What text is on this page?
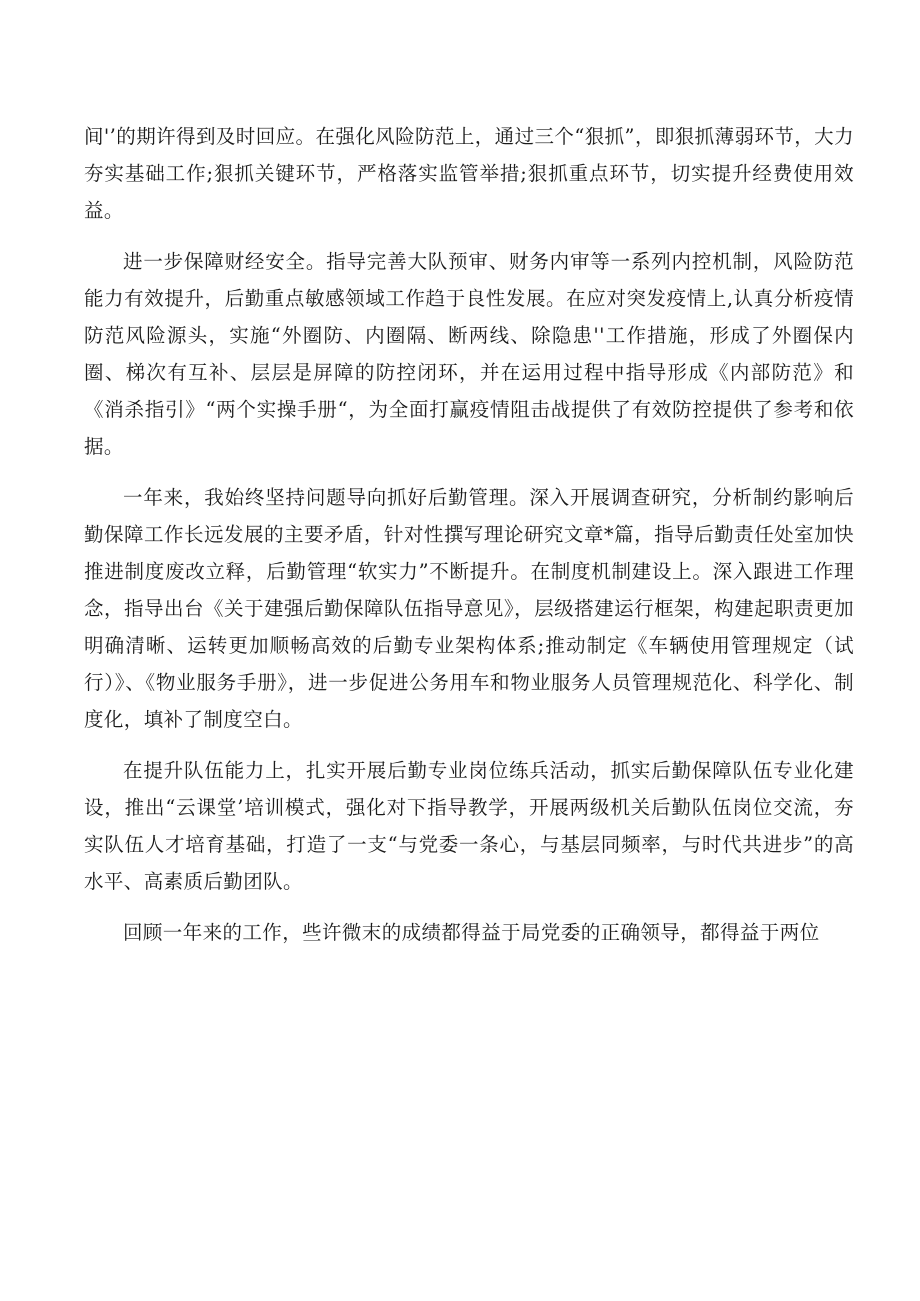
间'’的期许得到及时回应。在强化风险防范上，通过三个“狠抓”，即狠抓薄弱环节，大力夯实基础工作;狠抓关键环节，严格落实监管举措;狠抓重点环节，切实提升经费使用效益。

进一步保障财经安全。指导完善大队预审、财务内审等一系列内控机制，风险防范能力有效提升，后勤重点敏感领域工作趋于良性发展。在应对突发疫情上,认真分析疫情防范风险源头，实施“外圈防、内圈隔、断两线、除隐患''工作措施，形成了外圈保内圈、梯次有互补、层层是屏障的防控闭环，并在运用过程中指导形成《内部防范》和《消杀指引》“两个实操手册“，为全面打赢疫情阻击战提供了有效防控提供了参考和依据。

一年来，我始终坚持问题导向抓好后勤管理。深入开展调查研究，分析制约影响后勤保障工作长远发展的主要矛盾，针对性撰写理论研究文章*篇，指导后勤责任处室加快推进制度废改立释，后勤管理“软实力”不断提升。在制度机制建设上。深入跟进工作理念，指导出台《关于建强后勤保障队伍指导意见》，层级搭建运行框架，构建起职责更加明确清晰、运转更加顺畅高效的后勤专业架构体系;推动制定《车辆使用管理规定（试行）》、《物业服务手册》，进一步促进公务用车和物业服务人员管理规范化、科学化、制度化，填补了制度空白。

在提升队伍能力上，扎实开展后勤专业岗位练兵活动，抓实后勤保障队伍专业化建设，推出“云课堂’培训模式，强化对下指导教学，开展两级机关后勤队伍岗位交流，夯实队伍人才培育基础，打造了一支“与党委一条心，与基层同频率，与时代共进步”的高水平、高素质后勤团队。

回顾一年来的工作，些许微末的成绩都得益于局党委的正确领导，都得益于两位
